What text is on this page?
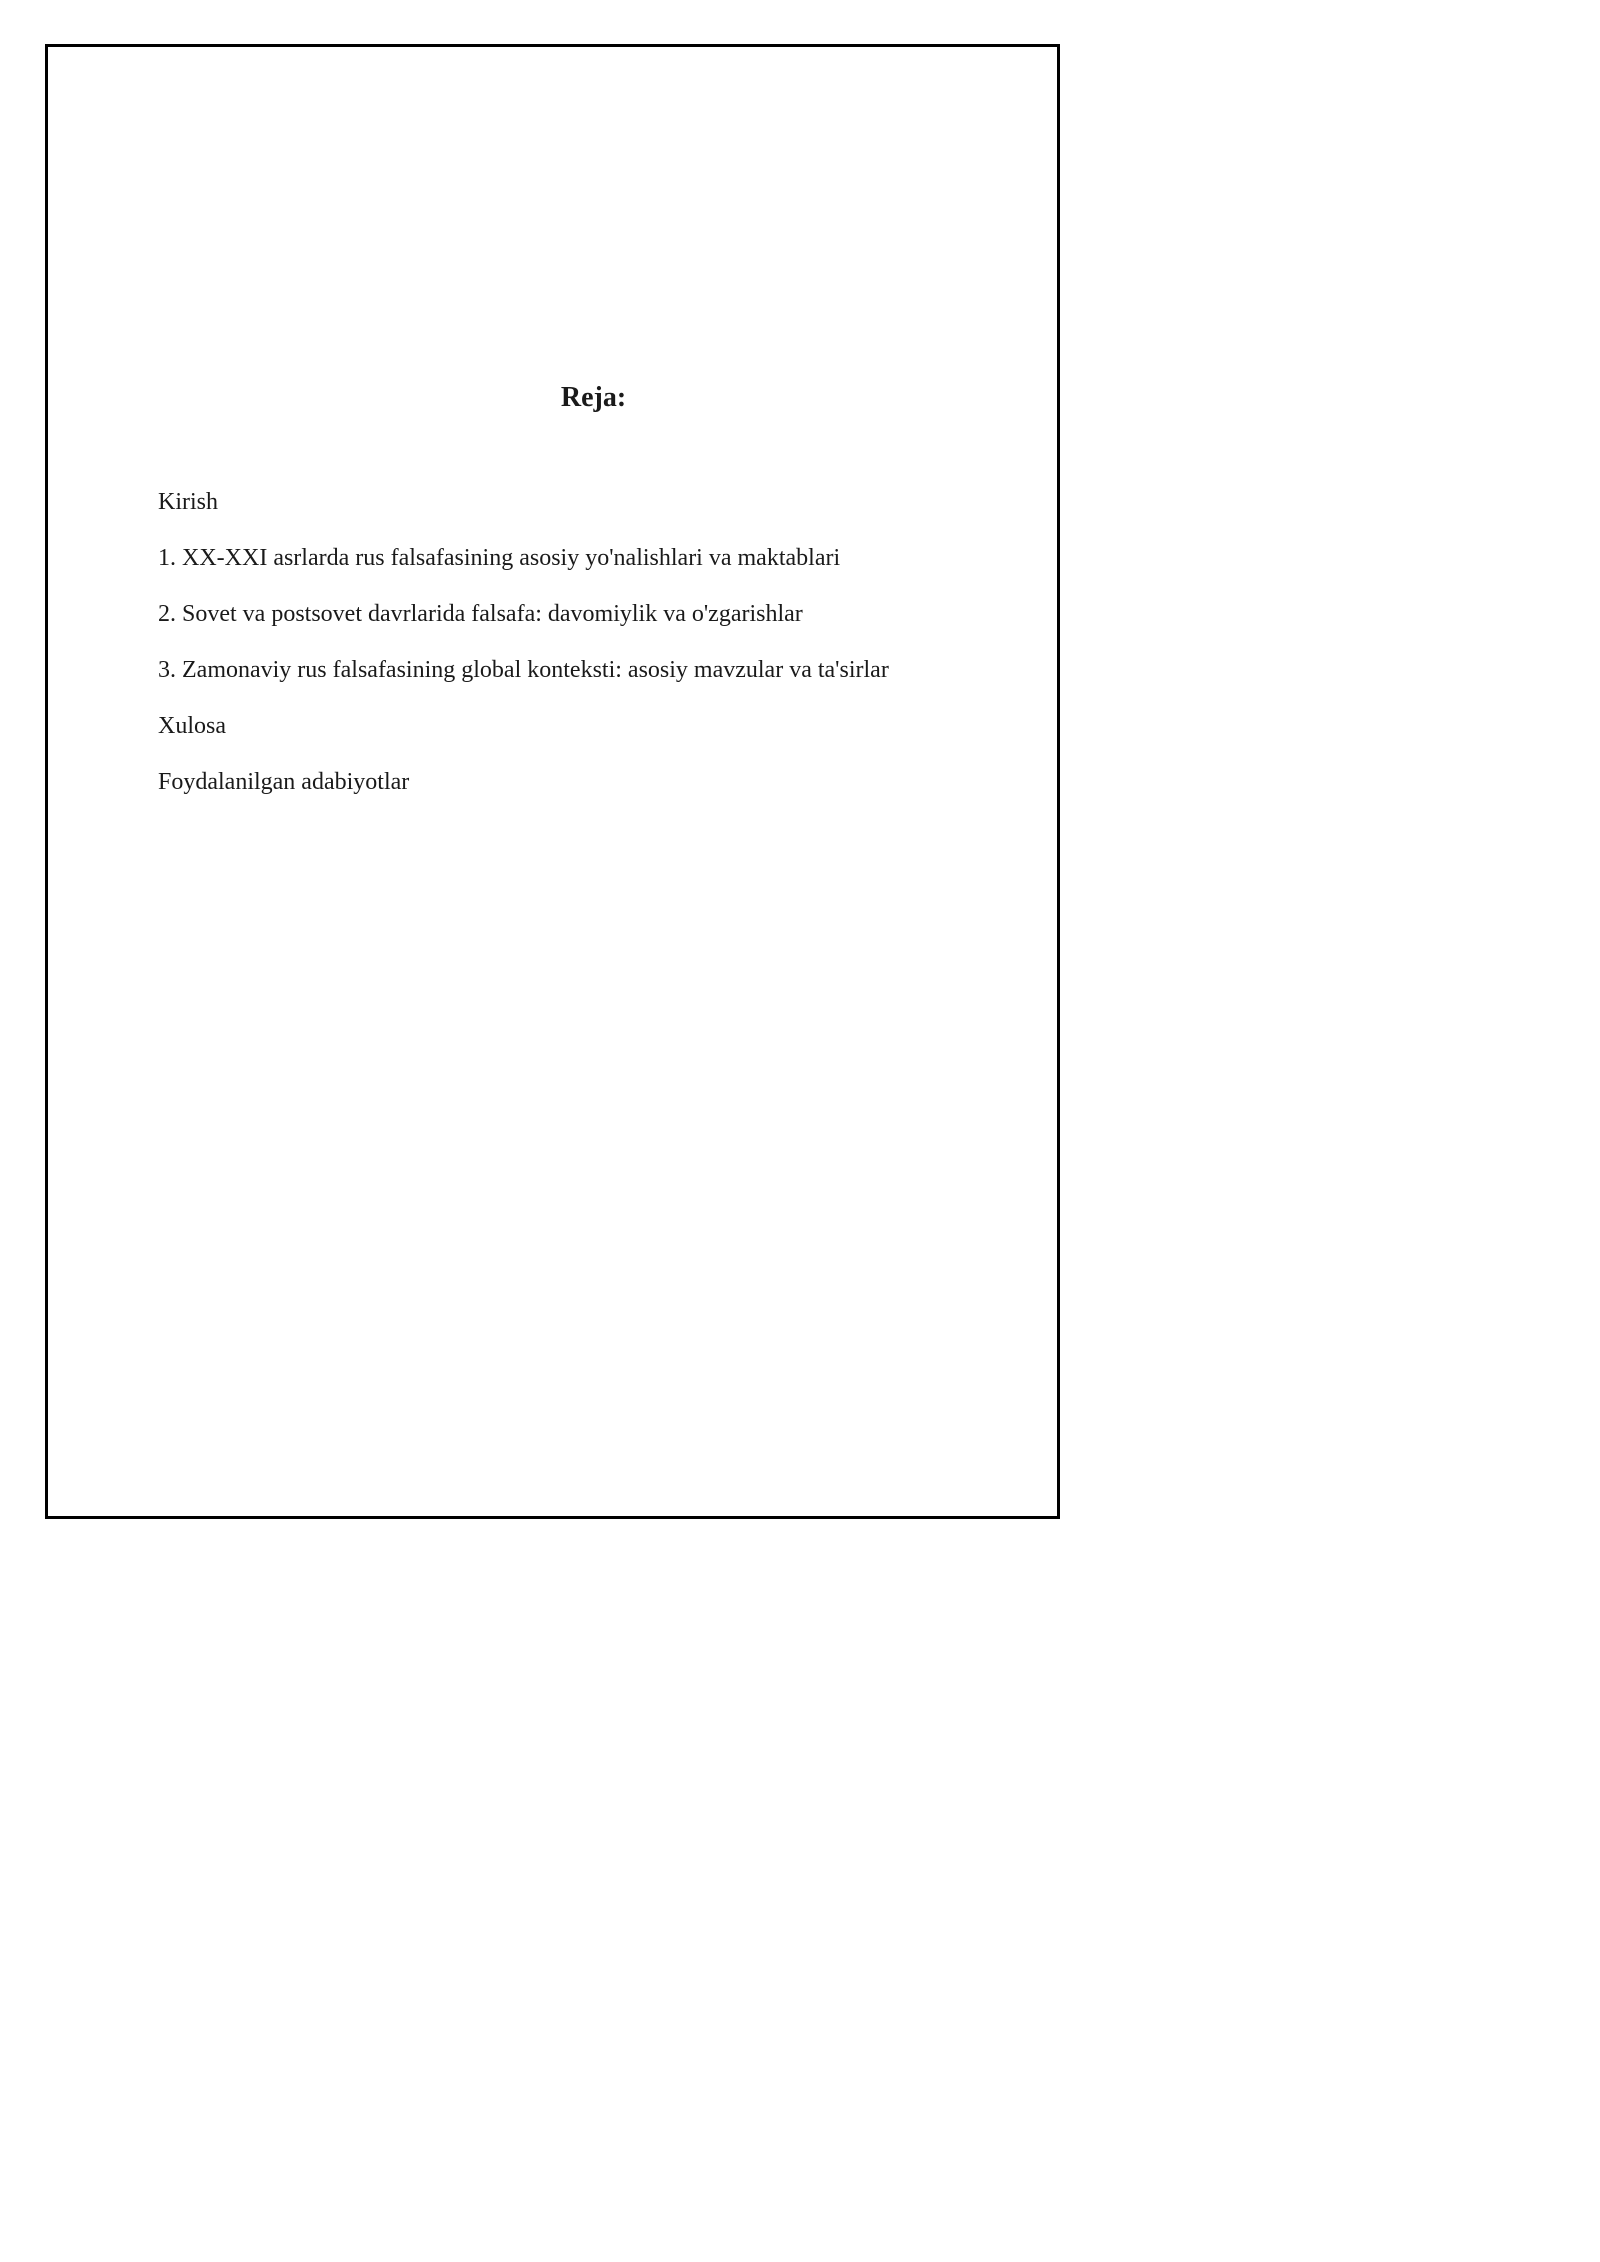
Reja:
Kirish
1. XX-XXI asrlarda rus falsafasining asosiy yo'nalishlari va maktablari
2. Sovet va postsovet davrlarida falsafa: davomiylik va o'zgarishlar
3. Zamonaviy rus falsafasining global konteksti: asosiy mavzular va ta'sirlar
Xulosa
Foydalanilgan adabiyotlar
